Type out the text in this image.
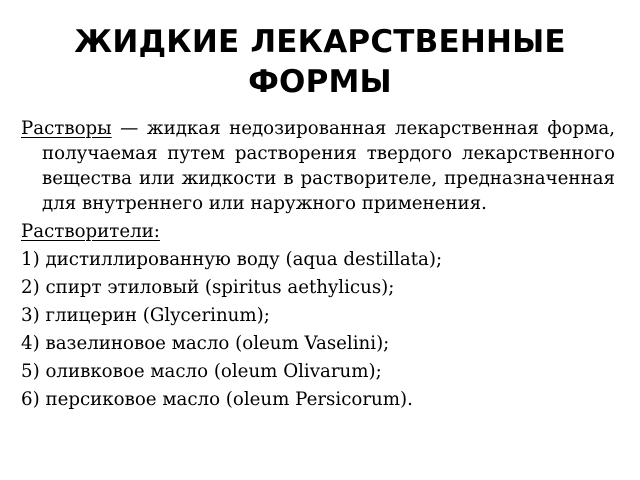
ЖИДКИЕ ЛЕКАРСТВЕННЫЕ
ФОРМЫ

Растворы — жидкая недозированная лекарственная форма, получаемая путем растворения твердого лекарственного вещества или жидкости в растворителе, предназначенная для внутреннего или наружного применения.

Растворители:
1) дистиллированную воду (aqua destillata);
2) спирт этиловый (spiritus aethylicus);
3) глицерин (Glycerinum);
4) вазелиновое масло (oleum Vaselini);
5) оливковое масло (oleum Olivarum);
6) персиковое масло (oleum Persicorum).
